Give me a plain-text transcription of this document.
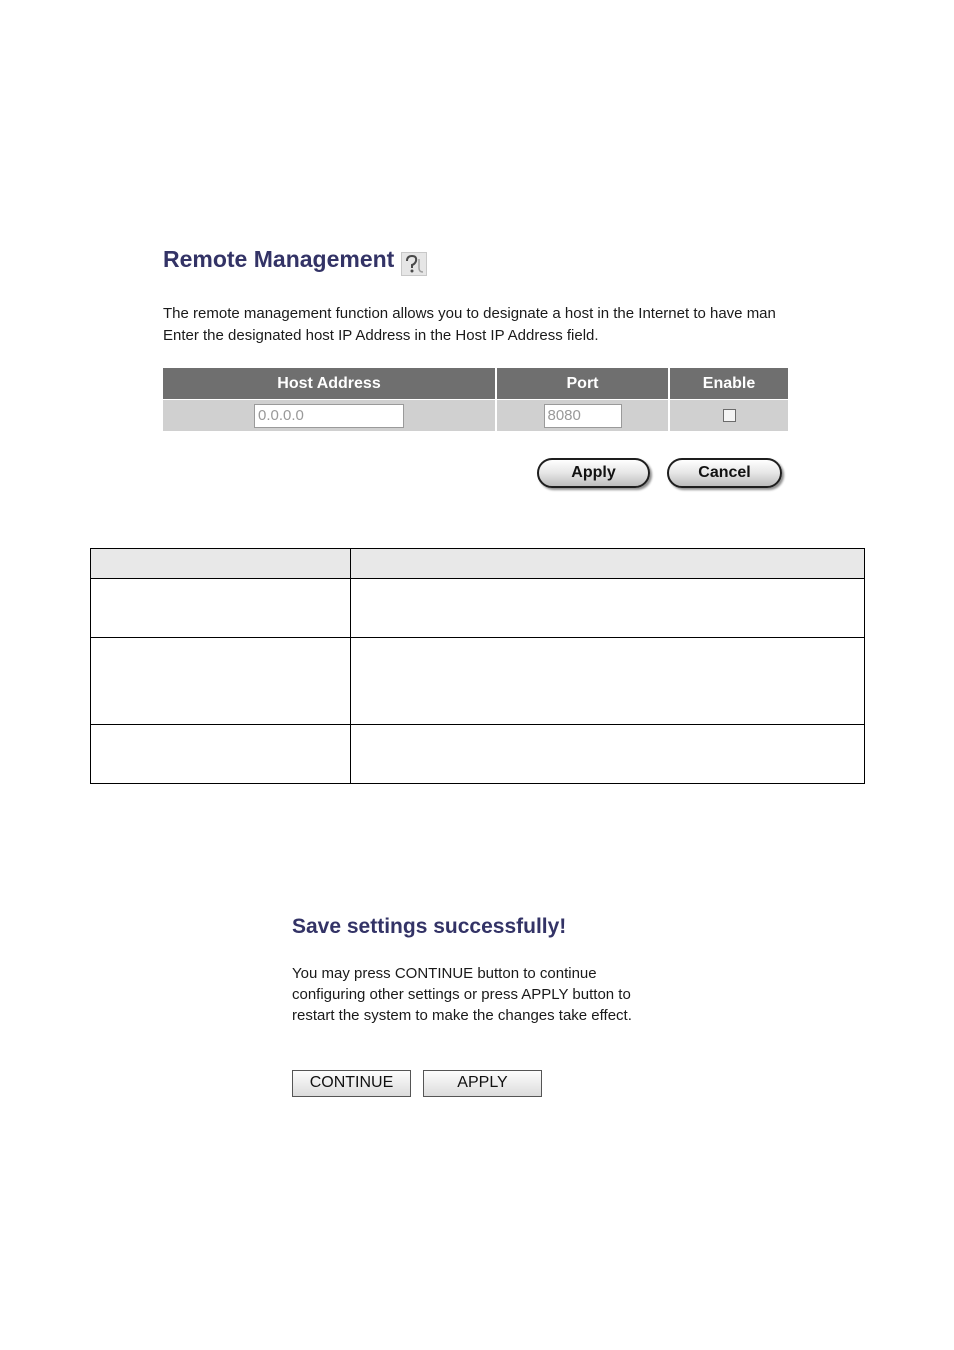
Remote Management
The remote management function allows you to designate a host in the Internet to have man
Enter the designated host IP Address in the Host IP Address field.
Host Address	Port	Enable
0.0.0.0	8080	
Apply	Cancel

Save settings successfully!
You may press CONTINUE button to continue
configuring other settings or press APPLY button to
restart the system to make the changes take effect.
CONTINUE	APPLY
